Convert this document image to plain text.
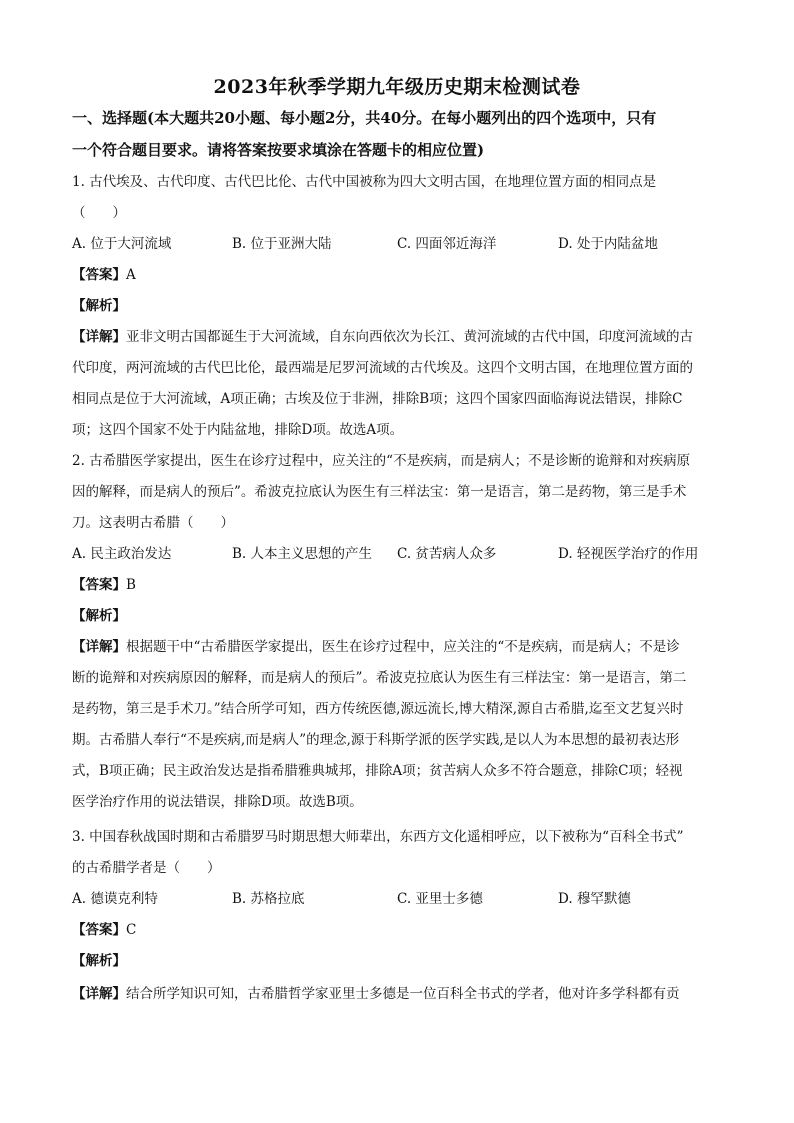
2023年秋季学期九年级历史期末检测试卷
一、选择题(本大题共20小题、每小题2分，共40分。在每小题列出的四个选项中，只有
一个符合题目要求。请将答案按要求填涂在答题卡的相应位置)
1. 古代埃及、古代印度、古代巴比伦、古代中国被称为四大文明古国，在地理位置方面的相同点是
（　　）
A. 位于大河流域	B. 位于亚洲大陆	C. 四面邻近海洋	D. 处于内陆盆地
【答案】A
【解析】
【详解】亚非文明古国都诞生于大河流域，自东向西依次为长江、黄河流域的古代中国，印度河流域的古
代印度，两河流域的古代巴比伦，最西端是尼罗河流域的古代埃及。这四个文明古国，在地理位置方面的
相同点是位于大河流域，A项正确；古埃及位于非洲，排除B项；这四个国家四面临海说法错误，排除C
项；这四个国家不处于内陆盆地，排除D项。故选A项。
2. 古希腊医学家提出，医生在诊疗过程中，应关注的“不是疾病，而是病人；不是诊断的诡辩和对疾病原
因的解释，而是病人的预后”。希波克拉底认为医生有三样法宝：第一是语言，第二是药物，第三是手术
刀。这表明古希腊（　　）
A. 民主政治发达	B. 人本主义思想的产生 C. 贫苦病人众多	D. 轻视医学治疗的作用
【答案】B
【解析】
【详解】根据题干中“古希腊医学家提出，医生在诊疗过程中，应关注的“不是疾病，而是病人；不是诊
断的诡辩和对疾病原因的解释，而是病人的预后”。希波克拉底认为医生有三样法宝：第一是语言，第二
是药物，第三是手术刀。”结合所学可知，西方传统医德,源远流长,博大精深,源自古希腊,迄至文艺复兴时
期。古希腊人奉行“不是疾病,而是病人”的理念,源于科斯学派的医学实践,是以人为本思想的最初表达形
式，B项正确；民主政治发达是指希腊雅典城邦，排除A项；贫苦病人众多不符合题意，排除C项；轻视
医学治疗作用的说法错误，排除D项。故选B项。
3. 中国春秋战国时期和古希腊罗马时期思想大师辈出，东西方文化遥相呼应，以下被称为“百科全书式”
的古希腊学者是（　　）
A. 德谟克利特	B. 苏格拉底	C. 亚里士多德	D. 穆罕默德
【答案】C
【解析】
【详解】结合所学知识可知，古希腊哲学家亚里士多德是一位百科全书式的学者，他对许多学科都有贡
